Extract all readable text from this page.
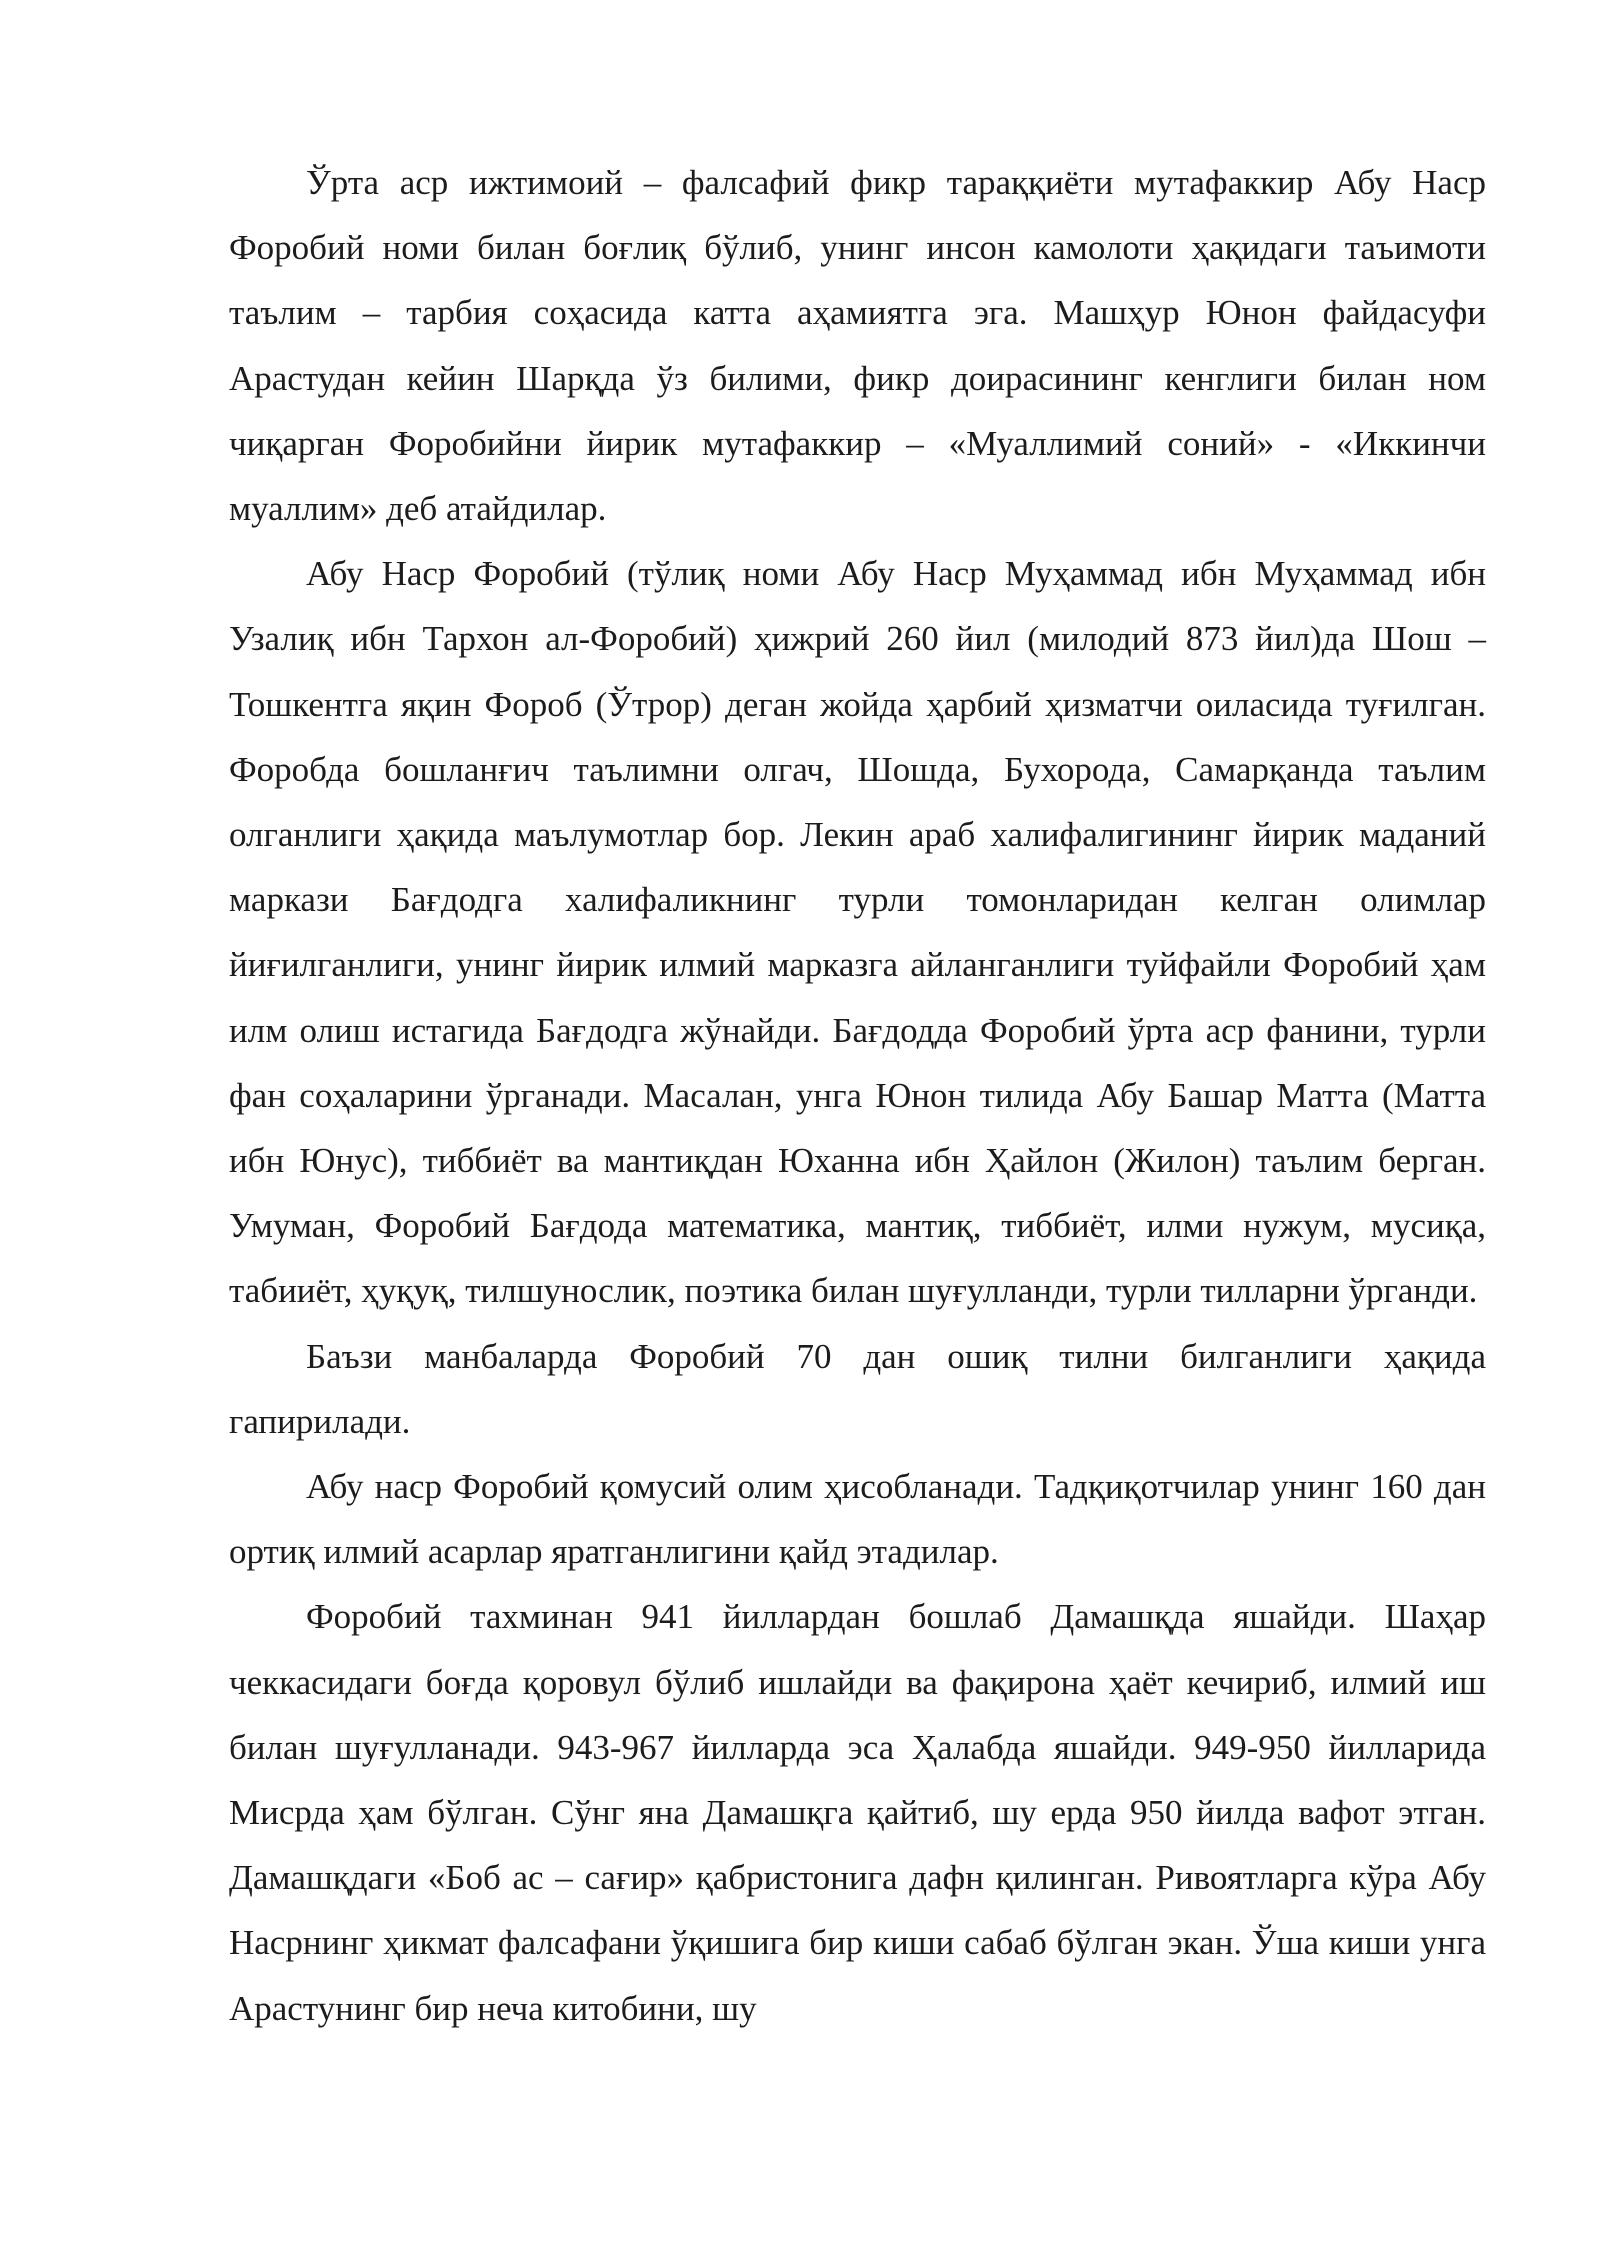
Ўрта аср ижтимоий – фалсафий фикр тараққиёти мутафаккир Абу Наср Форобий номи билан боғлиқ бўлиб, унинг инсон камолоти ҳақидаги таъимоти таълим – тарбия соҳасида катта аҳамиятга эга. Машҳур Юнон файдасуфи Арастудан кейин Шарқда ўз билими, фикр доирасининг кенглиги билан ном чиқарган Форобийни йирик мутафаккир – «Муаллимий соний» - «Иккинчи муаллим» деб атайдилар.

Абу Наср Форобий (тўлиқ номи Абу Наср Муҳаммад ибн Муҳаммад ибн Узалиқ ибн Тархон ал-Форобий) ҳижрий 260 йил (милодий 873 йил)да Шош – Тошкентга яқин Фороб (Ўтрор) деган жойда ҳарбий ҳизматчи оиласида туғилган. Форобда бошланғич таълимни олгач, Шошда, Бухорода, Самарқанда таълим олганлиги ҳақида маълумотлар бор. Лекин араб халифалигининг йирик маданий маркази Бағдодга халифаликнинг турли томонларидан келган олимлар йиғилганлиги, унинг йирик илмий марказга айланганлиги туйфайли Форобий ҳам илм олиш истагида Бағдодга жўнайди. Бағдодда Форобий ўрта аср фанини, турли фан соҳаларини ўрганади. Масалан, унга Юнон тилида Абу Башар Матта (Матта ибн Юнус), тиббиёт ва мантиқдан Юханна ибн Ҳайлон (Жилон) таълим берган. Умуман, Форобий Бағдода математика, мантиқ, тиббиёт, илми нужум, мусиқа, табииёт, ҳуқуқ, тилшунослик, поэтика билан шуғулланди, турли тилларни ўрганди.

Баъзи манбаларда Форобий 70 дан ошиқ тилни билганлиги ҳақида гапирилади.

Абу наср Форобий қомусий олим ҳисобланади. Тадқиқотчилар унинг 160 дан ортиқ илмий асарлар яратганлигини қайд этадилар.

Форобий тахминан 941 йиллардан бошлаб Дамашқда яшайди. Шаҳар чеккасидаги боғда қоровул бўлиб ишлайди ва фақирона ҳаёт кечириб, илмий иш билан шуғулланади. 943-967 йилларда эса Ҳалабда яшайди. 949-950 йилларида Мисрда ҳам бўлган. Сўнг яна Дамашқга қайтиб, шу ерда 950 йилда вафот этган. Дамашқдаги «Боб ас – сағир» қабристонига дафн қилинган. Ривоятларга кўра Абу Насрнинг ҳикмат фалсафани ўқишига бир киши сабаб бўлган экан. Ўша киши унга Арастунинг бир неча китобини, шу
